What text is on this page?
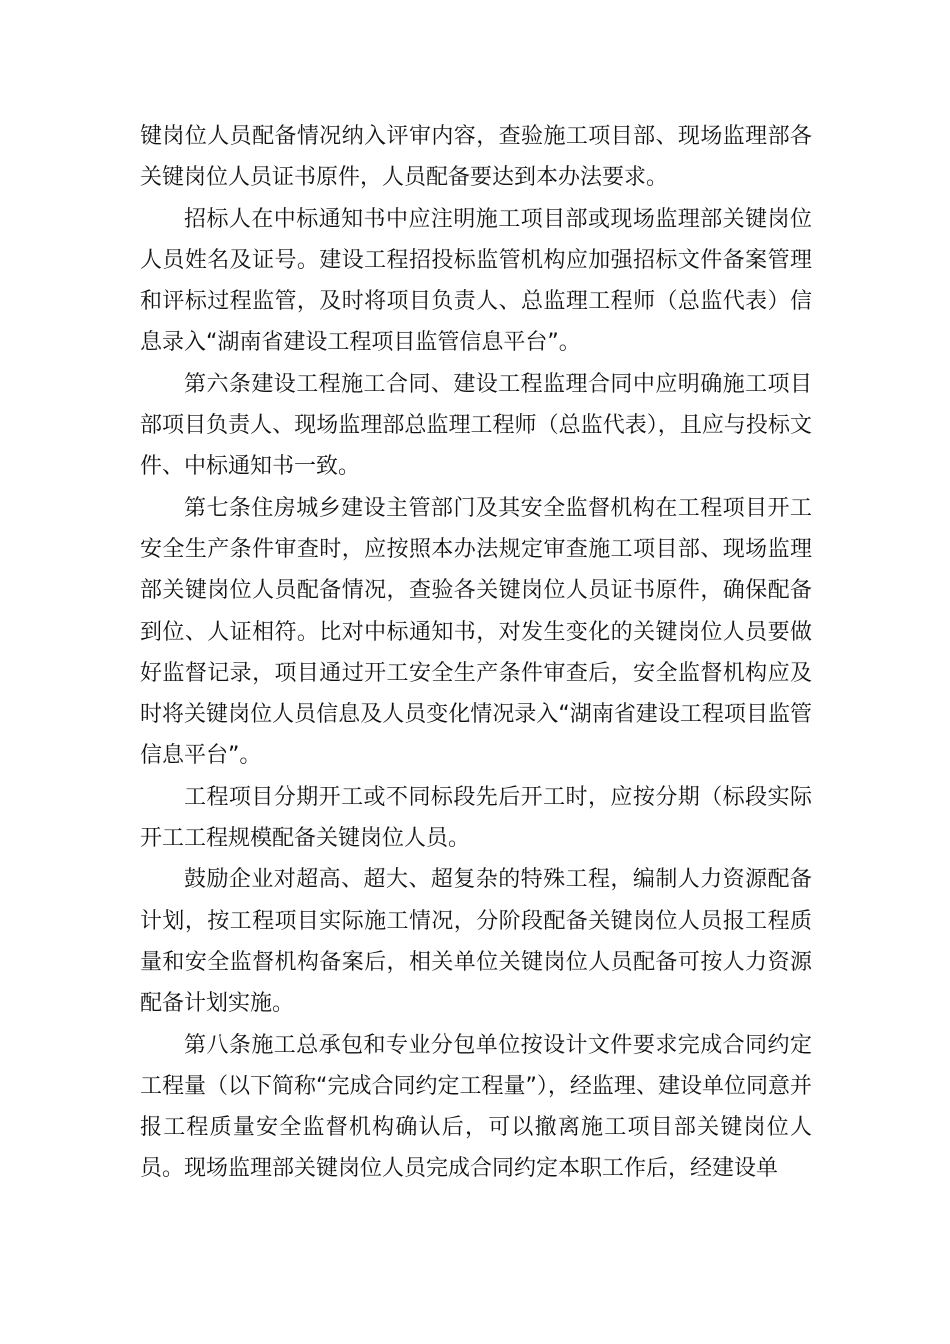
键岗位人员配备情况纳入评审内容，查验施工项目部、现场监理部各关键岗位人员证书原件，人员配备要达到本办法要求。

招标人在中标通知书中应注明施工项目部或现场监理部关键岗位人员姓名及证号。建设工程招投标监管机构应加强招标文件备案管理和评标过程监管，及时将项目负责人、总监理工程师（总监代表）信息录入“湖南省建设工程项目监管信息平台”。

第六条建设工程施工合同、建设工程监理合同中应明确施工项目部项目负责人、现场监理部总监理工程师（总监代表），且应与投标文件、中标通知书一致。

第七条住房城乡建设主管部门及其安全监督机构在工程项目开工安全生产条件审查时，应按照本办法规定审查施工项目部、现场监理部关键岗位人员配备情况，查验各关键岗位人员证书原件，确保配备到位、人证相符。比对中标通知书，对发生变化的关键岗位人员要做好监督记录，项目通过开工安全生产条件审查后，安全监督机构应及时将关键岗位人员信息及人员变化情况录入“湖南省建设工程项目监管信息平台”。

工程项目分期开工或不同标段先后开工时，应按分期（标段实际开工工程规模配备关键岗位人员。

鼓励企业对超高、超大、超复杂的特殊工程，编制人力资源配备计划，按工程项目实际施工情况，分阶段配备关键岗位人员报工程质量和安全监督机构备案后，相关单位关键岗位人员配备可按人力资源配备计划实施。

第八条施工总承包和专业分包单位按设计文件要求完成合同约定工程量（以下简称“完成合同约定工程量”），经监理、建设单位同意并报工程质量安全监督机构确认后，可以撤离施工项目部关键岗位人员。现场监理部关键岗位人员完成合同约定本职工作后，经建设单
